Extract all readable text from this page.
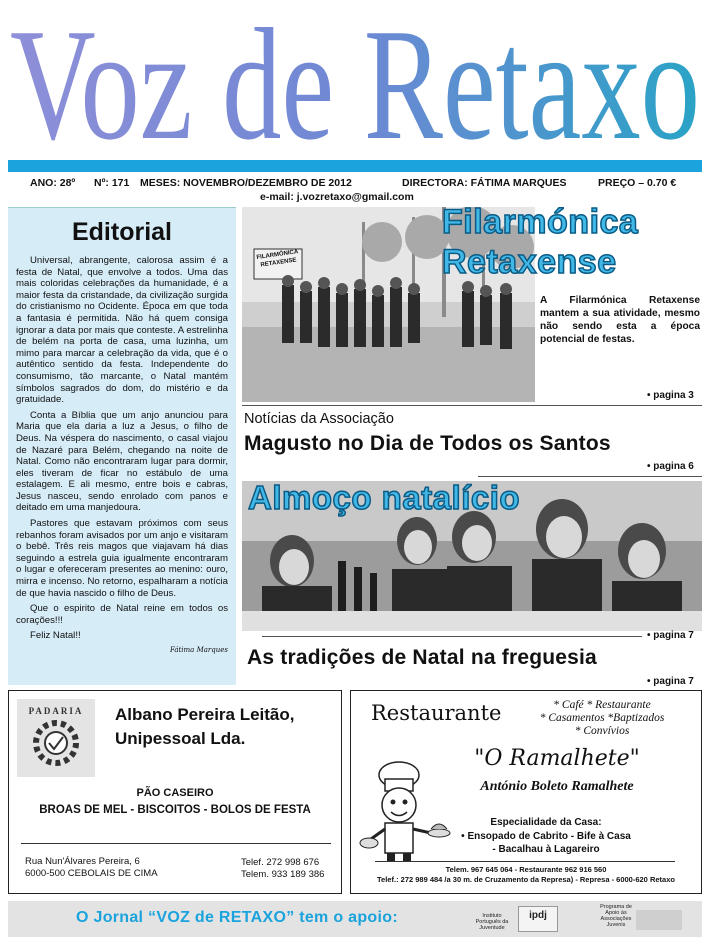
Voz de Retaxo
ANO: 28º	Nº: 171	MESES: NOVEMBRO/DEZEMBRO DE 2012	DIRECTORA: FÁTIMA MARQUES	PREÇO – 0.70 €
e-mail: j.vozretaxo@gmail.com
Editorial

Universal, abrangente, calorosa assim é a festa de Natal, que envolve a todos. Uma das mais coloridas celebrações da humanidade, é a maior festa da cristandade, da civilização surgida do cristianismo no Ocidente. Época em que toda a fantasia é permitida. Não há quem consiga ignorar a data por mais que conteste. A estrelinha de belém na porta de casa, uma luzinha, um mimo para marcar a celebração da vida, que é o autêntico sentido da festa. Independente do consumismo, tão marcante, o Natal mantém símbolos sagrados do dom, do mistério e da gratuidade.

Conta a Bíblia que um anjo anunciou para Maria que ela daria a luz a Jesus, o filho de Deus. Na véspera do nascimento, o casal viajou de Nazaré para Belém, chegando na noite de Natal. Como não encontraram lugar para dormir, eles tiveram de ficar no estábulo de uma estalagem. E ali mesmo, entre bois e cabras, Jesus nasceu, sendo enrolado com panos e deitado em uma manjedoura.

Pastores que estavam próximos com seus rebanhos foram avisados por um anjo e visitaram o bebê. Três reis magos que viajavam há dias seguindo a estrela guia igualmente encontraram o lugar e ofereceram presentes ao menino: ouro, mirra e incenso. No retorno, espalharam a notícia de que havia nascido o filho de Deus.

Que o espirito de Natal reine em todos os corações!!!

Feliz Natal!!

Fátima Marques
FILARMÓNICA RETAXENSE
Filarmónica
Retaxense
A Filarmónica Retaxense mantem a sua atividade, mesmo não sendo esta a época potencial de festas.
• pagina 3
Notícias da Associação
Magusto no Dia de Todos os Santos
• pagina 6
Almoço natalício
• pagina 7
As tradições de Natal na freguesia
• pagina 7
PADARIA Albano Pereira Leitão,
Unipessoal Lda.
PÃO CASEIRO
BROAS DE MEL - BISCOITOS - BOLOS DE FESTA
Rua Nun'Álvares Pereira, 6
6000-500 CEBOLAIS DE CIMA
Telef. 272 998 676
Telem. 933 189 386
Restaurante	* Café * Restaurante
* Casamentos *Baptizados
* Convívios
"O Ramalhete"
António Boleto Ramalhete
Especialidade da Casa:
• Ensopado de Cabrito - Bife à Casa
- Bacalhau à Lagareiro
Telem. 967 645 064 - Restaurante 962 916 560
Telef.: 272 989 484 /a 30 m. de Cruzamento da Represa) - Represa - 6000-620 Retaxo
O Jornal “VOZ de RETAXO” tem o apoio:	Instituto Português da Juventude
ipdj
Programa de Apoio às Associações Juvenis
